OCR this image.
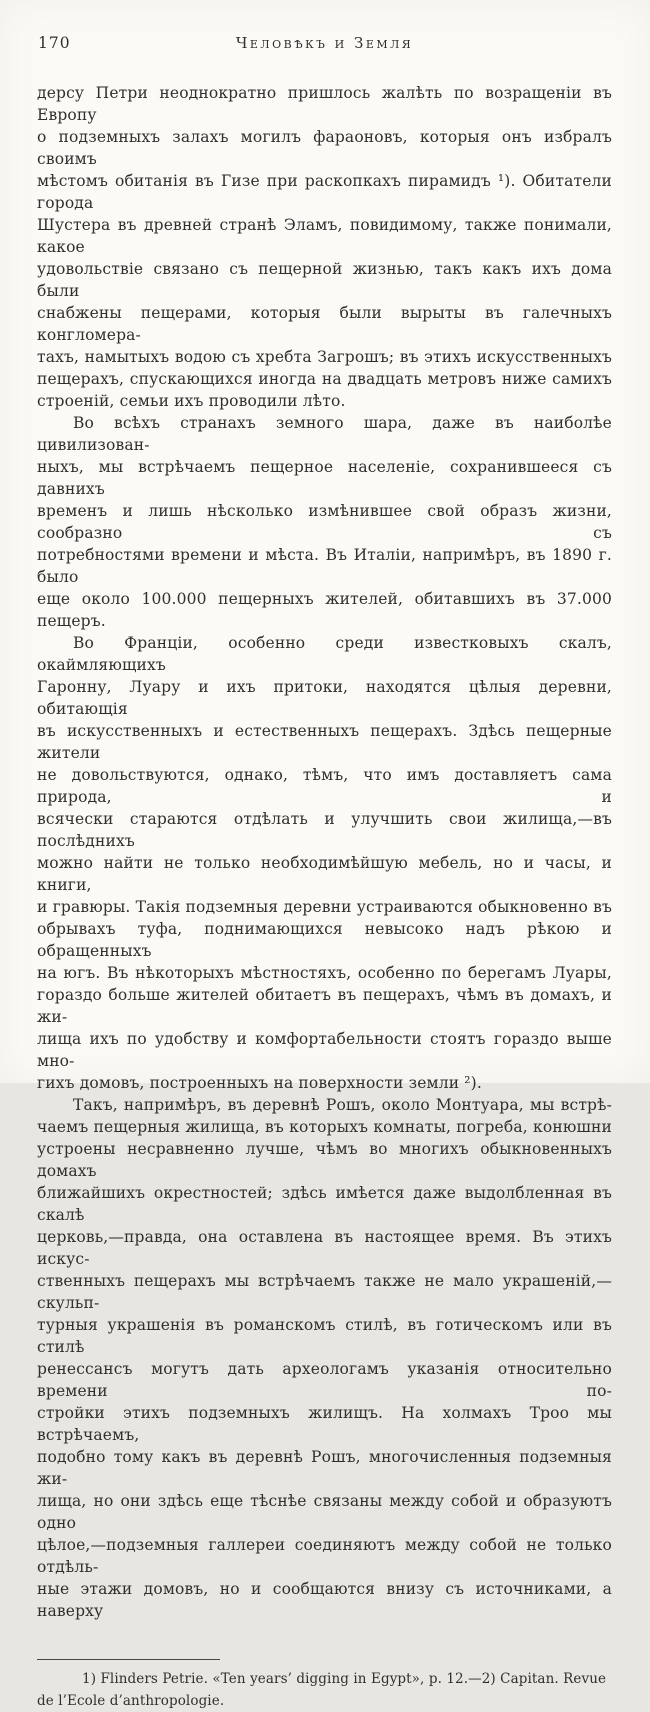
170	Человѣкъ и Земля
дерсу Петри неоднократно пришлось жалѣть по возращеніи въ Европу
о подземныхъ залахъ могилъ фараоновъ, которыя онъ избралъ своимъ
мѣстомъ обитанія въ Гизе при раскопкахъ пирамидъ ¹). Обитатели города
Шустера въ древней странѣ Эламъ, повидимому, также понимали, какое
удовольствіе связано съ пещерной жизнью, такъ какъ ихъ дома были
снабжены пещерами, которыя были вырыты въ галечныхъ конгломера-
тахъ, намытыхъ водою съ хребта Загрошъ; въ этихъ искусственныхъ
пещерахъ, спускающихся иногда на двадцать метровъ ниже самихъ
строеній, семьи ихъ проводили лѣто.
Во всѣхъ странахъ земного шара, даже въ наиболѣе цивилизован-
ныхъ, мы встрѣчаемъ пещерное населеніе, сохранившееся съ давнихъ
временъ и лишь нѣсколько измѣнившее свой образъ жизни, сообразно съ
потребностями времени и мѣста. Въ Италіи, напримѣръ, въ 1890 г. было
еще около 100.000 пещерныхъ жителей, обитавшихъ въ 37.000 пещеръ.
Во Франціи, особенно среди известковыхъ скалъ, окаймляющихъ
Гаронну, Луару и ихъ притоки, находятся цѣлыя деревни, обитающія
въ искусственныхъ и естественныхъ пещерахъ. Здѣсь пещерные жители
не довольствуются, однако, тѣмъ, что имъ доставляетъ сама природа, и
всячески стараются отдѣлать и улучшить свои жилища,—въ послѣднихъ
можно найти не только необходимѣйшую мебель, но и часы, и книги,
и гравюры. Такія подземныя деревни устраиваются обыкновенно въ
обрывахъ туфа, поднимающихся невысоко надъ рѣкою и обращенныхъ
на югъ. Въ нѣкоторыхъ мѣстностяхъ, особенно по берегамъ Луары,
гораздо больше жителей обитаетъ въ пещерахъ, чѣмъ въ домахъ, и жи-
лища ихъ по удобству и комфортабельности стоятъ гораздо выше мно-
гихъ домовъ, построенныхъ на поверхности земли ²).
Такъ, напримѣръ, въ деревнѣ Рошъ, около Монтуара, мы встрѣ-
чаемъ пещерныя жилища, въ которыхъ комнаты, погреба, конюшни
устроены несравненно лучше, чѣмъ во многихъ обыкновенныхъ домахъ
ближайшихъ окрестностей; здѣсь имѣется даже выдолбленная въ скалѣ
церковь,—правда, она оставлена въ настоящее время. Въ этихъ искус-
ственныхъ пещерахъ мы встрѣчаемъ также не мало украшеній,—скульп-
турныя украшенія въ романскомъ стилѣ, въ готическомъ или въ стилѣ
ренессансъ могутъ дать археологамъ указанія относительно времени по-
стройки этихъ подземныхъ жилищъ. На холмахъ Троо мы встрѣчаемъ,
подобно тому какъ въ деревнѣ Рошъ, многочисленныя подземныя жи-
лища, но они здѣсь еще тѣснѣе связаны между собой и образуютъ одно
цѣлое,—подземныя галлереи соединяютъ между собой не только отдѣль-
ные этажи домовъ, но и сообщаются внизу съ источниками, а наверху
1) Flinders Petrie. «Ten years’ digging in Egypt», p. 12.—2) Capitan. Revue
de l’Ecole d’anthropologie.
